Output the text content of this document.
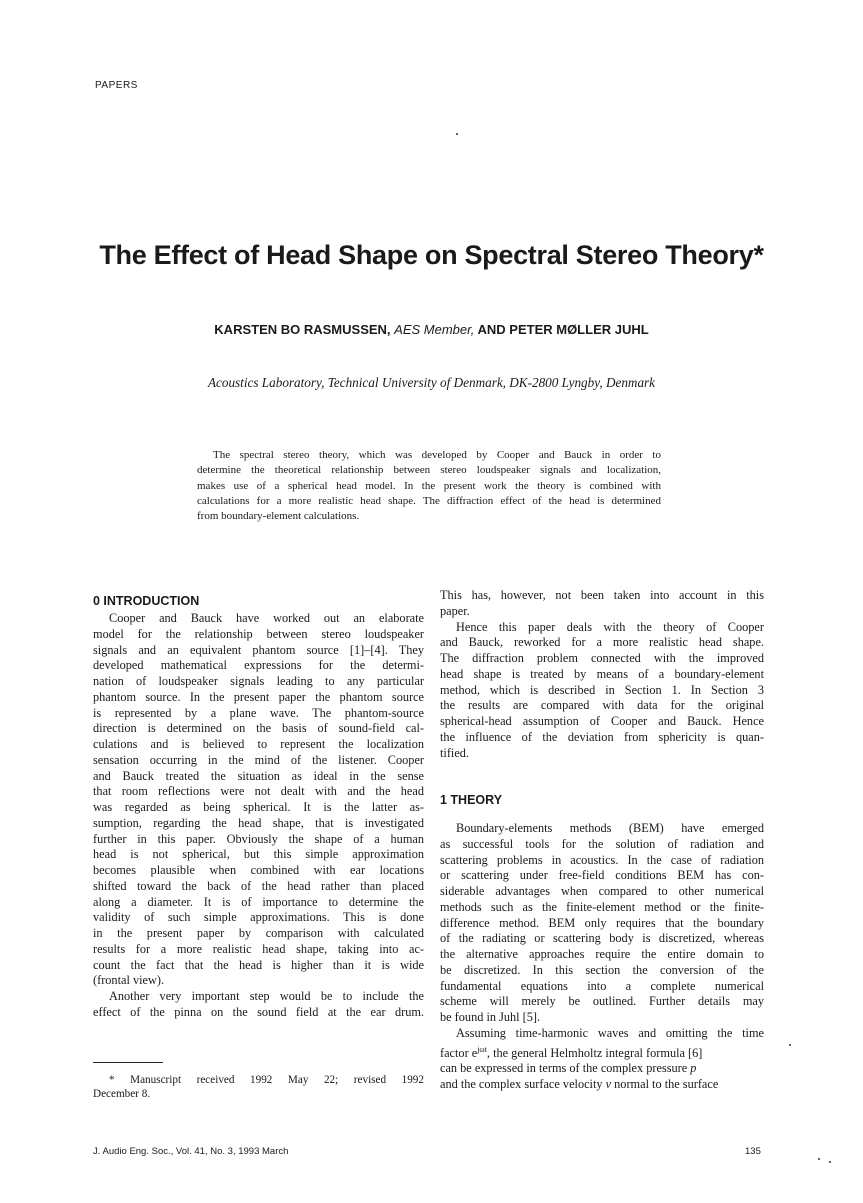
PAPERS
The Effect of Head Shape on Spectral Stereo Theory*
KARSTEN BO RASMUSSEN, AES Member, AND PETER MØLLER JUHL
Acoustics Laboratory, Technical University of Denmark, DK-2800 Lyngby, Denmark
The spectral stereo theory, which was developed by Cooper and Bauck in order to
determine the theoretical relationship between stereo loudspeaker signals and localization,
makes use of a spherical head model. In the present work the theory is combined with
calculations for a more realistic head shape. The diffraction effect of the head is determined
from boundary-element calculations.
0 INTRODUCTION
Cooper and Bauck have worked out an elaborate
model for the relationship between stereo loudspeaker
signals and an equivalent phantom source [1]–[4]. They
developed mathematical expressions for the determi-
nation of loudspeaker signals leading to any particular
phantom source. In the present paper the phantom source
is represented by a plane wave. The phantom-source
direction is determined on the basis of sound-field cal-
culations and is believed to represent the localization
sensation occurring in the mind of the listener. Cooper
and Bauck treated the situation as ideal in the sense
that room reflections were not dealt with and the head
was regarded as being spherical. It is the latter as-
sumption, regarding the head shape, that is investigated
further in this paper. Obviously the shape of a human
head is not spherical, but this simple approximation
becomes plausible when combined with ear locations
shifted toward the back of the head rather than placed
along a diameter. It is of importance to determine the
validity of such simple approximations. This is done
in the present paper by comparison with calculated
results for a more realistic head shape, taking into ac-
count the fact that the head is higher than it is wide
(frontal view).
Another very important step would be to include the
effect of the pinna on the sound field at the ear drum.
* Manuscript received 1992 May 22; revised 1992
December 8.
This has, however, not been taken into account in this
paper.
Hence this paper deals with the theory of Cooper
and Bauck, reworked for a more realistic head shape.
The diffraction problem connected with the improved
head shape is treated by means of a boundary-element
method, which is described in Section 1. In Section 3
the results are compared with data for the original
spherical-head assumption of Cooper and Bauck. Hence
the influence of the deviation from sphericity is quan-
tified.
1 THEORY
Boundary-elements methods (BEM) have emerged
as successful tools for the solution of radiation and
scattering problems in acoustics. In the case of radiation
or scattering under free-field conditions BEM has con-
siderable advantages when compared to other numerical
methods such as the finite-element method or the finite-
difference method. BEM only requires that the boundary
of the radiating or scattering body is discretized, whereas
the alternative approaches require the entire domain to
be discretized. In this section the conversion of the
fundamental equations into a complete numerical
scheme will merely be outlined. Further details may
be found in Juhl [5].
Assuming time-harmonic waves and omitting the time
factor $e^{j\omega t}$, the general Helmholtz integral formula [6]
can be expressed in terms of the complex pressure p
and the complex surface velocity v normal to the surface
J. Audio Eng. Soc., Vol. 41, No. 3, 1993 March	135
